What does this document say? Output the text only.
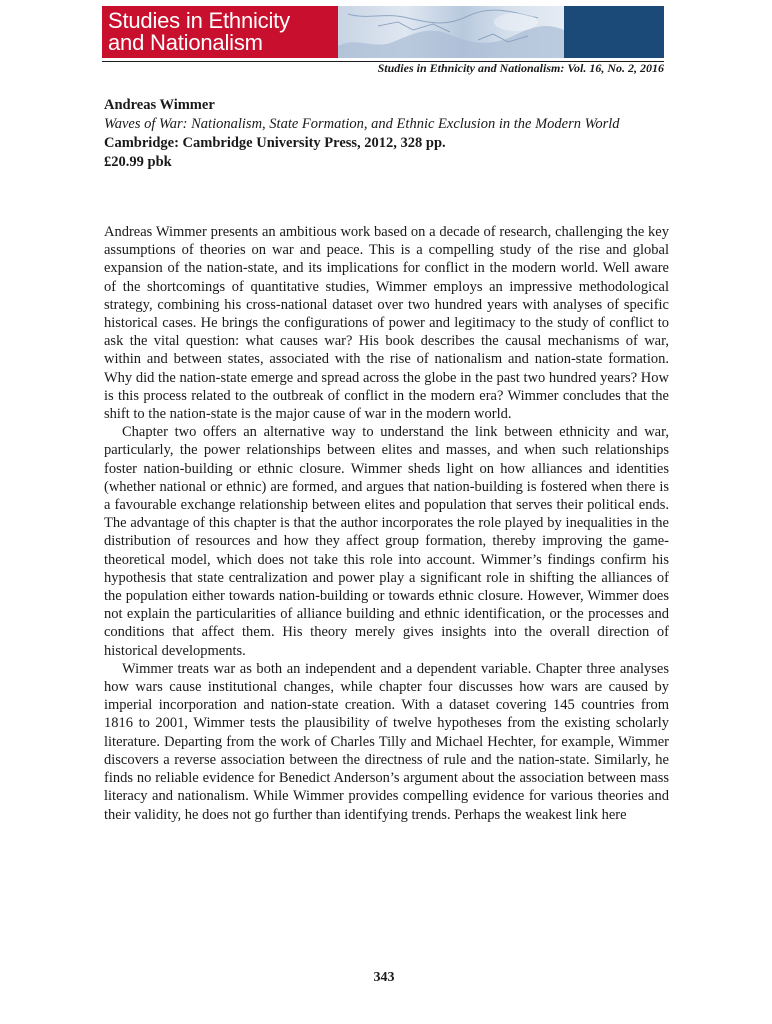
Studies in Ethnicity
and Nationalism
AS
EN
Association for the Study of
Ethnicity and Nationalism
Studies in Ethnicity and Nationalism: Vol. 16, No. 2, 2016
Andreas Wimmer
Waves of War: Nationalism, State Formation, and Ethnic Exclusion in the Modern World
Cambridge: Cambridge University Press, 2012, 328 pp.
£20.99 pbk

Andreas Wimmer presents an ambitious work based on a decade of research, challenging the key assumptions of theories on war and peace. This is a compelling study of the rise and global expansion of the nation-state, and its implications for conflict in the modern world. Well aware of the shortcomings of quantitative studies, Wimmer employs an impressive methodological strategy, combining his cross-national dataset over two hundred years with analyses of specific historical cases. He brings the configurations of power and legitimacy to the study of conflict to ask the vital question: what causes war? His book describes the causal mechanisms of war, within and between states, associated with the rise of nationalism and nation-state formation. Why did the nation-state emerge and spread across the globe in the past two hundred years? How is this process related to the outbreak of conflict in the modern era? Wimmer concludes that the shift to the nation-state is the major cause of war in the modern world.

Chapter two offers an alternative way to understand the link between ethnicity and war, particularly, the power relationships between elites and masses, and when such relationships foster nation-building or ethnic closure. Wimmer sheds light on how alliances and identities (whether national or ethnic) are formed, and argues that nation-building is fostered when there is a favourable exchange relationship between elites and population that serves their political ends. The advantage of this chapter is that the author incorporates the role played by inequalities in the distribution of resources and how they affect group formation, thereby improving the game-theoretical model, which does not take this role into account. Wimmer’s findings confirm his hypothesis that state centralization and power play a significant role in shifting the alliances of the population either towards nation-building or towards ethnic closure. However, Wimmer does not explain the particularities of alliance building and ethnic identification, or the processes and conditions that affect them. His theory merely gives insights into the overall direction of historical developments.

Wimmer treats war as both an independent and a dependent variable. Chapter three analyses how wars cause institutional changes, while chapter four discusses how wars are caused by imperial incorporation and nation-state creation. With a dataset covering 145 countries from 1816 to 2001, Wimmer tests the plausibility of twelve hypotheses from the existing scholarly literature. Departing from the work of Charles Tilly and Michael Hechter, for example, Wimmer discovers a reverse association between the directness of rule and the nation-state. Similarly, he finds no reliable evidence for Benedict Anderson’s argument about the association between mass literacy and nationalism. While Wimmer provides compelling evidence for various theories and their validity, he does not go further than identifying trends. Perhaps the weakest link here

343
